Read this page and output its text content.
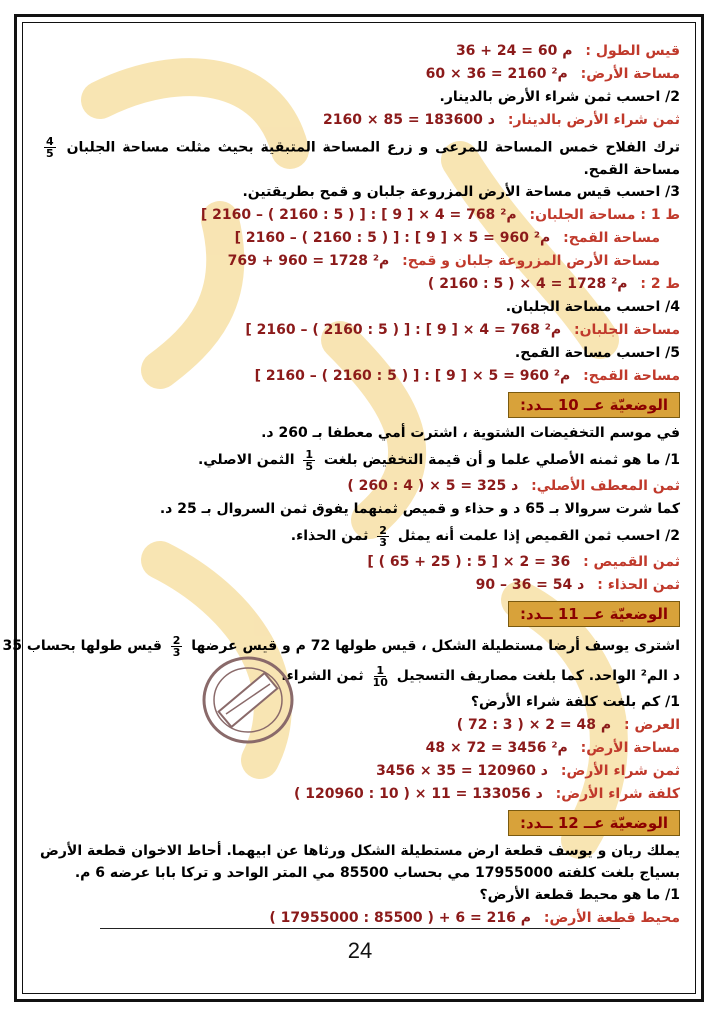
قيس الطول : 36 + 24 = 60 م
مساحة الأرض: 60 × 36 = 2160 م²
2/ احسب ثمن شراء الأرض بالدينار.
ثمن شراء الأرض بالدينار: 2160 × 85 = 183600 د
ترك الفلاح خمس المساحة للمرعى و زرع المساحة المتبقية بحيث مثلت مساحة الجلبان
$\frac{4}{5}$
مساحة القمح.
3/ احسب قيس مساحة الأرض المزروعة جلبان و قمح بطريقتين.
ط 1 : مساحة الجلبان: [ 2160 – ( 2160 : 5 ) ] : [ 9 ] × 4 = 768 م²
مساحة القمح: [ 2160 – ( 2160 : 5 ) ] : [ 9 ] × 5 = 960 م²
مساحة الأرض المزروعة جلبان و قمح: 769 + 960 = 1728 م²
ط 2 : ( 2160 : 5 ) × 4 = 1728 م²
4/ احسب مساحة الجلبان.
مساحة الجلبان: [ 2160 – ( 2160 : 5 ) ] : [ 9 ] × 4 = 768 م²
5/ احسب مساحة القمح.
مساحة القمح: [ 2160 – ( 2160 : 5 ) ] : [ 9 ] × 5 = 960 م²
الوضعيّة عــ 10 ــدد:
في موسم التخفيضات الشتوية ، اشترت أمي معطفا بـ 260 د.
1/ ما هو ثمنه الأصلي علما و أن قيمة التخفيض بلغت
$\frac{1}{5}$
الثمن الاصلي.
ثمن المعطف الأصلي: ( 260 : 4 ) × 5 = 325 د
كما شرت سروالا بـ 65 د و حذاء و قميص ثمنهما يفوق ثمن السروال بـ 25 د.
2/ احسب ثمن القميص إذا علمت أنه يمثل
$\frac{2}{3}$
ثمن الحذاء.
ثمن القميص : [ ( 65 + 25 ) : 5 ] × 2 = 36
ثمن الحذاء : 90 – 36 = 54 د
الوضعيّة عــ 11 ــدد:
اشترى يوسف أرضا مستطيلة الشكل ، قيس طولها 72 م و قيس عرضها
$\frac{2}{3}$
قيس طولها بحساب 35
د الم² الواحد. كما بلغت مصاريف التسجيل
$\frac{1}{10}$
ثمن الشراء.
1/ كم بلغت كلفة شراء الأرض؟
العرض : ( 72 : 3 ) × 2 = 48 م
مساحة الأرض: 48 × 72 = 3456 م²
ثمن شراء الأرض: 3456 × 35 = 120960 د
كلفة شراء الأرض: ( 120960 : 10 ) × 11 = 133056 د
الوضعيّة عــ 12 ــدد:
يملك ريان و يوسف قطعة ارض مستطيلة الشكل ورثاها عن ابيهما. أحاط الاخوان قطعة الأرض بسياج بلغت كلفته 17955000 مي بحساب 85500 مي المتر الواحد و تركا بابا عرضه 6 م.
1/ ما هو محيط قطعة الأرض؟
محيط قطعة الأرض: ( 17955000 : 85500 ) + 6 = 216 م
24
